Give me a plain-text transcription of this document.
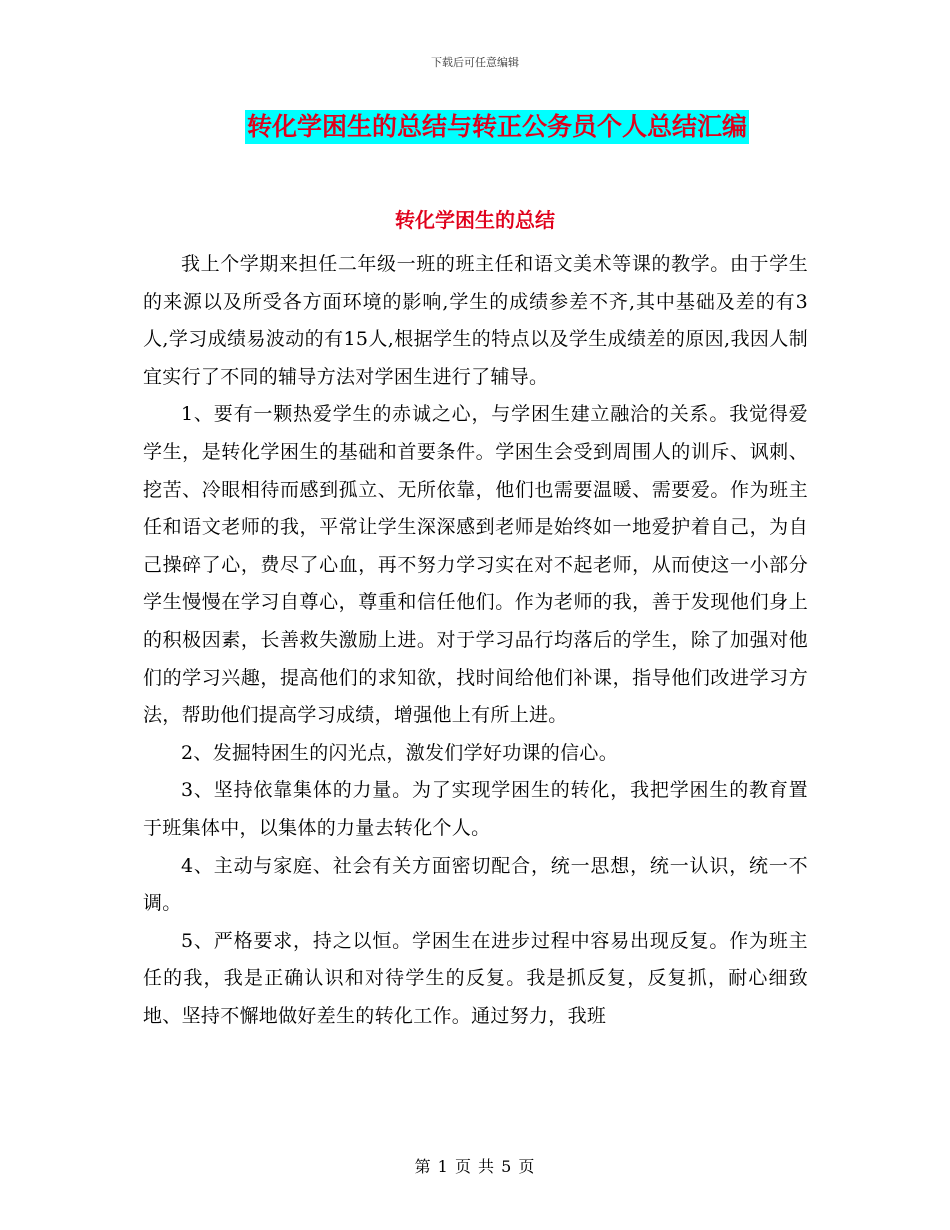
下载后可任意编辑
转化学困生的总结与转正公务员个人总结汇编
转化学困生的总结

我上个学期来担任二年级一班的班主任和语文美术等课的教学。由于学生的来源以及所受各方面环境的影响,学生的成绩参差不齐,其中基础及差的有3人,学习成绩易波动的有15人,根据学生的特点以及学生成绩差的原因,我因人制宜实行了不同的辅导方法对学困生进行了辅导。

1、要有一颗热爱学生的赤诚之心，与学困生建立融洽的关系。我觉得爱学生，是转化学困生的基础和首要条件。学困生会受到周围人的训斥、讽刺、挖苦、冷眼相待而感到孤立、无所依靠，他们也需要温暖、需要爱。作为班主任和语文老师的我，平常让学生深深感到老师是始终如一地爱护着自己，为自己操碎了心，费尽了心血，再不努力学习实在对不起老师，从而使这一小部分学生慢慢在学习自尊心，尊重和信任他们。作为老师的我，善于发现他们身上的积极因素，长善救失激励上进。对于学习品行均落后的学生，除了加强对他们的学习兴趣，提高他们的求知欲，找时间给他们补课，指导他们改进学习方法，帮助他们提高学习成绩，增强他上有所上进。

2、发掘特困生的闪光点，激发们学好功课的信心。

3、坚持依靠集体的力量。为了实现学困生的转化，我把学困生的教育置于班集体中，以集体的力量去转化个人。

4、主动与家庭、社会有关方面密切配合，统一思想，统一认识，统一不调。

5、严格要求，持之以恒。学困生在进步过程中容易出现反复。作为班主任的我，我是正确认识和对待学生的反复。我是抓反复，反复抓，耐心细致地、坚持不懈地做好差生的转化工作。通过努力，我班

第 1 页 共 5 页
